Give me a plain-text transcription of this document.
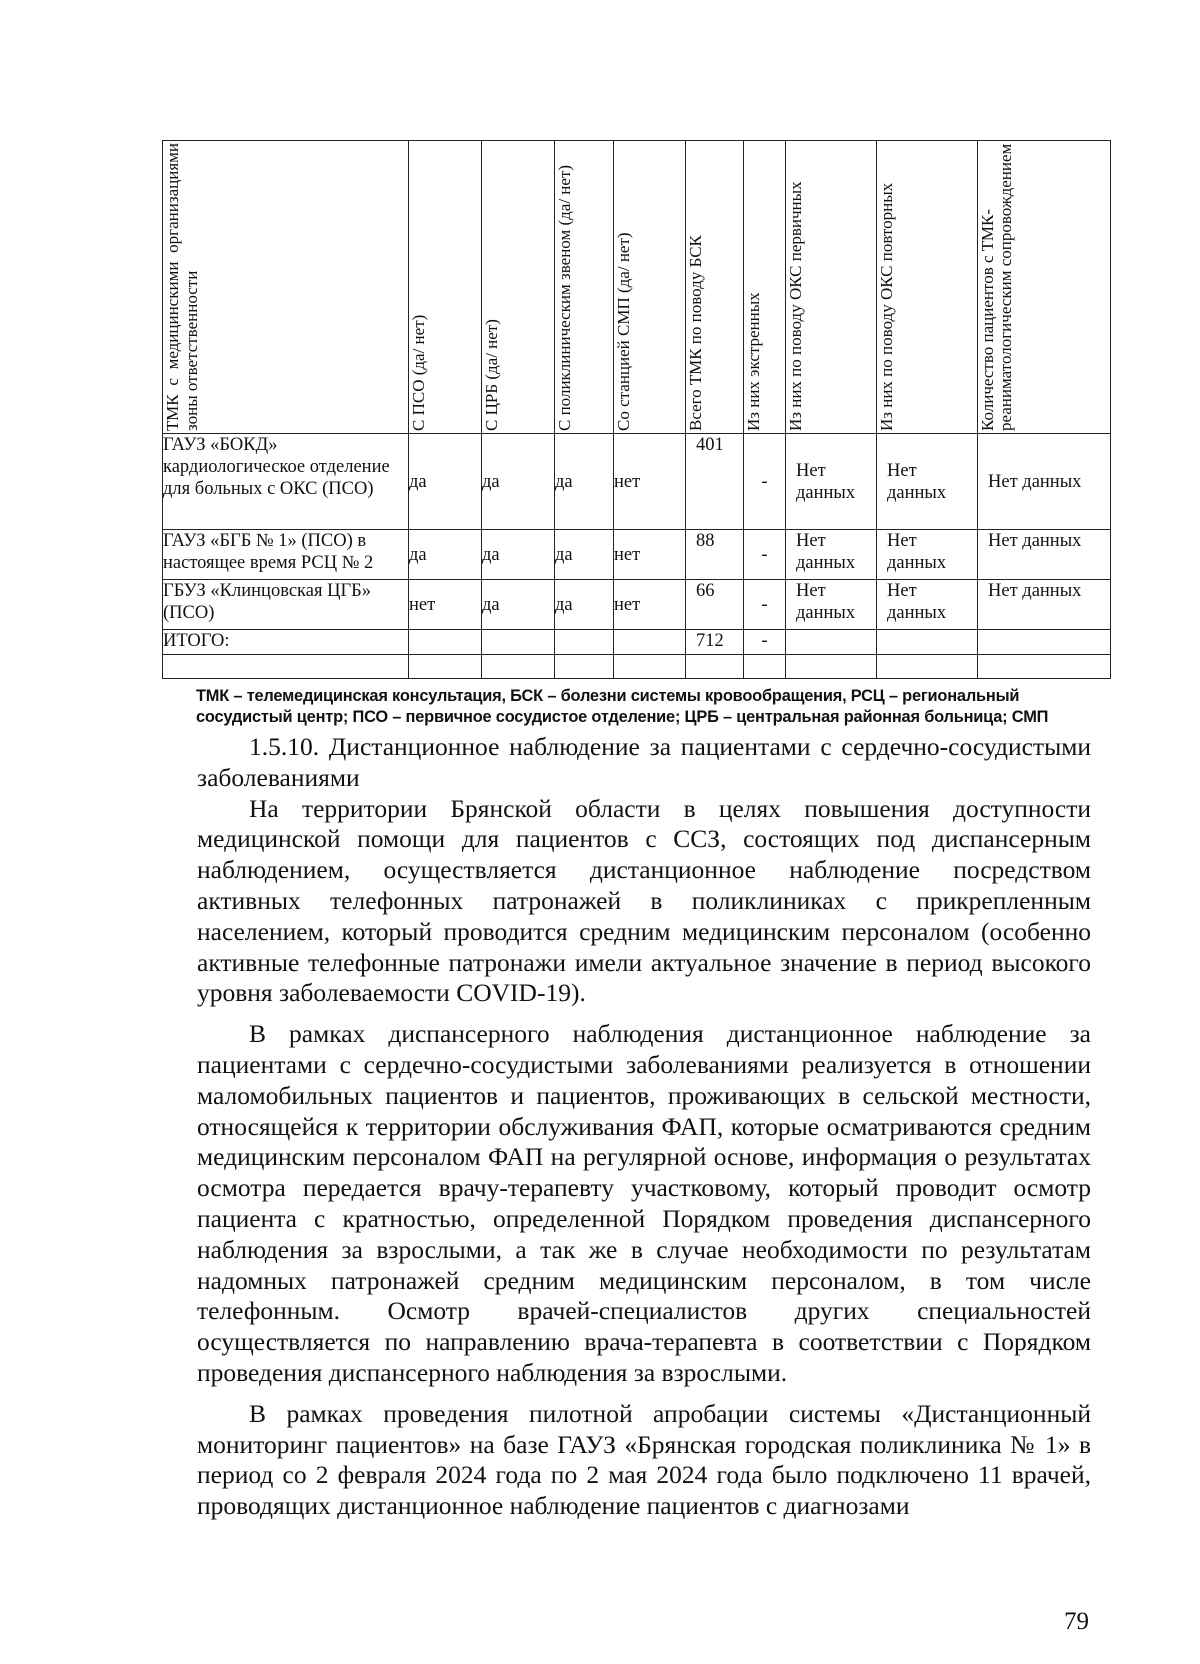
ТМК с медицинскими организациями зоны ответственности	С ПСО (да/ нет)	С ЦРБ (да/ нет)	С поликлиническим звеном (да/ нет)	Со станцией СМП (да/ нет)	Всего ТМК по поводу БСК	Из них экстренных	Из них по поводу ОКС первичных	Из них по поводу ОКС повторных	Количество пациентов с ТМК- реаниматологическим сопровождением

ГАУЗ «БОКД» кардиологическое отделение для больных с ОКС (ПСО)	да	да	да	нет	401	-	Нет данных	Нет данных	Нет данных
ГАУЗ «БГБ № 1» (ПСО) в настоящее время РСЦ № 2	да	да	да	нет	88	-	Нет данных	Нет данных	Нет данных
ГБУЗ «Клинцовская ЦГБ» (ПСО)	нет	да	да	нет	66	-	Нет данных	Нет данных	Нет данных
ИТОГО:					712	-			

ТМК – телемедицинская консультация, БСК – болезни системы кровообращения, РСЦ – региональный
сосудистый центр; ПСО – первичное сосудистое отделение; ЦРБ – центральная районная больница; СМП

1.5.10. Дистанционное наблюдение за пациентами с сердечно-сосудистыми заболеваниями

На территории Брянской области в целях повышения доступности медицинской помощи для пациентов с ССЗ, состоящих под диспансерным наблюдением, осуществляется дистанционное наблюдение посредством активных телефонных патронажей в поликлиниках с прикрепленным населением, который проводится средним медицинским персоналом (особенно активные телефонные патронажи имели актуальное значение в период высокого уровня заболеваемости COVID-19).

В рамках диспансерного наблюдения дистанционное наблюдение за пациентами с сердечно-сосудистыми заболеваниями реализуется в отношении маломобильных пациентов и пациентов, проживающих в сельской местности, относящейся к территории обслуживания ФАП, которые осматриваются средним медицинским персоналом ФАП на регулярной основе, информация о результатах осмотра передается врачу-терапевту участковому, который проводит осмотр пациента с кратностью, определенной Порядком проведения диспансерного наблюдения за взрослыми, а так же в случае необходимости по результатам надомных патронажей средним медицинским персоналом, в том числе телефонным. Осмотр врачей-специалистов других специальностей осуществляется по направлению врача-терапевта в соответствии с Порядком проведения диспансерного наблюдения за взрослыми.

В рамках проведения пилотной апробации системы «Дистанционный мониторинг пациентов» на базе ГАУЗ «Брянская городская поликлиника № 1» в период со 2 февраля 2024 года по 2 мая 2024 года было подключено 11 врачей, проводящих дистанционное наблюдение пациентов с диагнозами

79
